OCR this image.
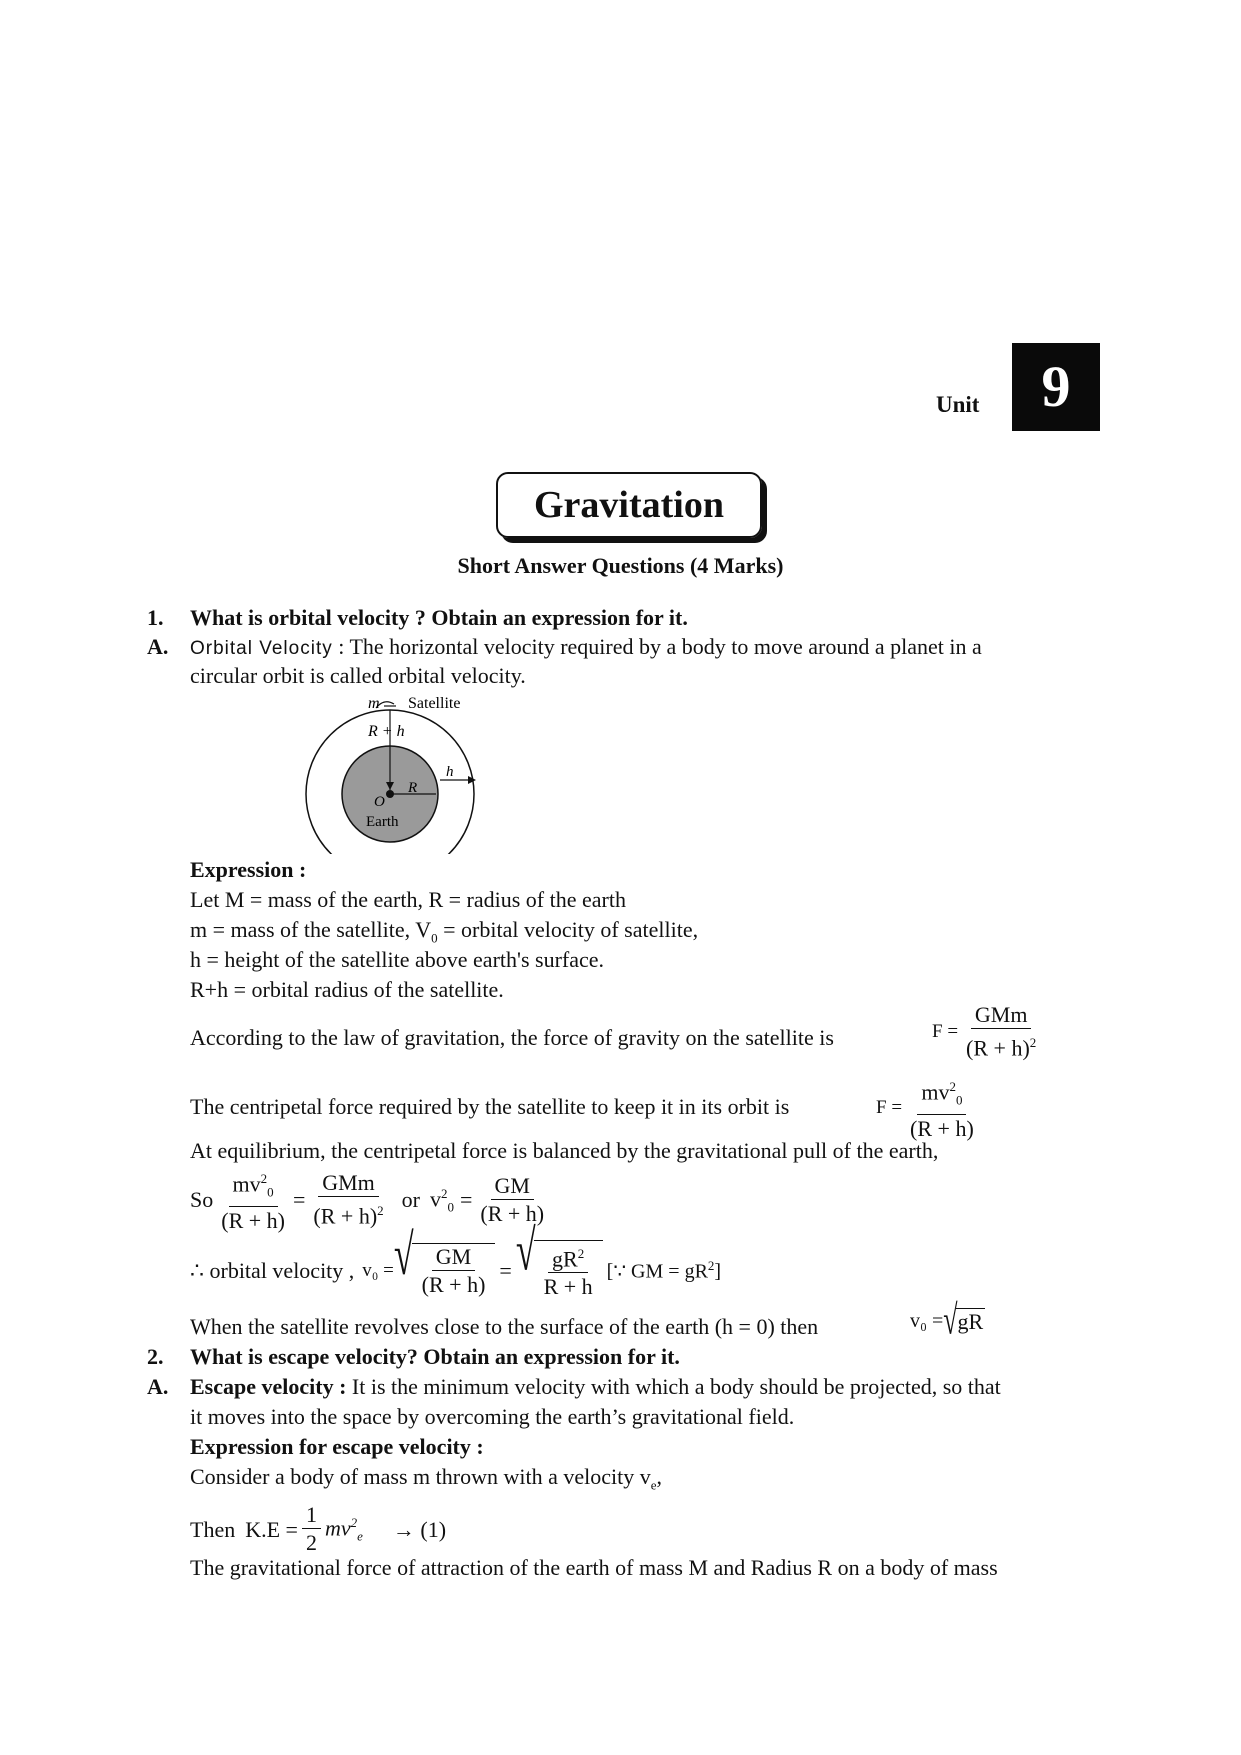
Unit	9
Gravitation
Short Answer Questions (4 Marks)
1. What is orbital velocity ? Obtain an expression for it.
A. Orbital Velocity : The horizontal velocity required by a body to move around a planet in a
circular orbit is called orbital velocity.
m Satellite
R + h
R
h
O
Earth
Expression :
Let M = mass of the earth, R = radius of the earth
m = mass of the satellite, $V_0$ = orbital velocity of satellite,
h = height of the satellite above earth's surface.
R+h = orbital radius of the satellite.
According to the law of gravitation, the force of gravity on the satellite is	$F = \frac{\text{GMm}}{(R + h)^2}$
The centripetal force required by the satellite to keep it in its orbit is	$F = \frac{mv^2_0}{(R + h)}$
At equilibrium, the centripetal force is balanced by the gravitational pull of the earth,
So $\frac{mv^2_0}{(R + h)} = \frac{\text{GMm}}{(R + h)^2}$ or $v^2_0 = \frac{GM}{(R + h)}$
∴ orbital velocity , v₀ = √ $\frac{GM}{(R + h)}$ = √ $\frac{gR^2}{R + h}$ [∵ GM = $gR^2$]
When the satellite revolves close to the surface of the earth (h = 0) then	v₀ = √ gR
2. What is escape velocity? Obtain an expression for it.
A. Escape velocity : It is the minimum velocity with which a body should be projected, so that
it moves into the space by overcoming the earth’s gravitational field.
Expression for escape velocity :
Consider a body of mass m thrown with a velocity $v_e$,
Then $K.E = \frac{1}{2} mv^2_e \to (1)$
The gravitational force of attraction of the earth of mass M and Radius R on a body of mass
